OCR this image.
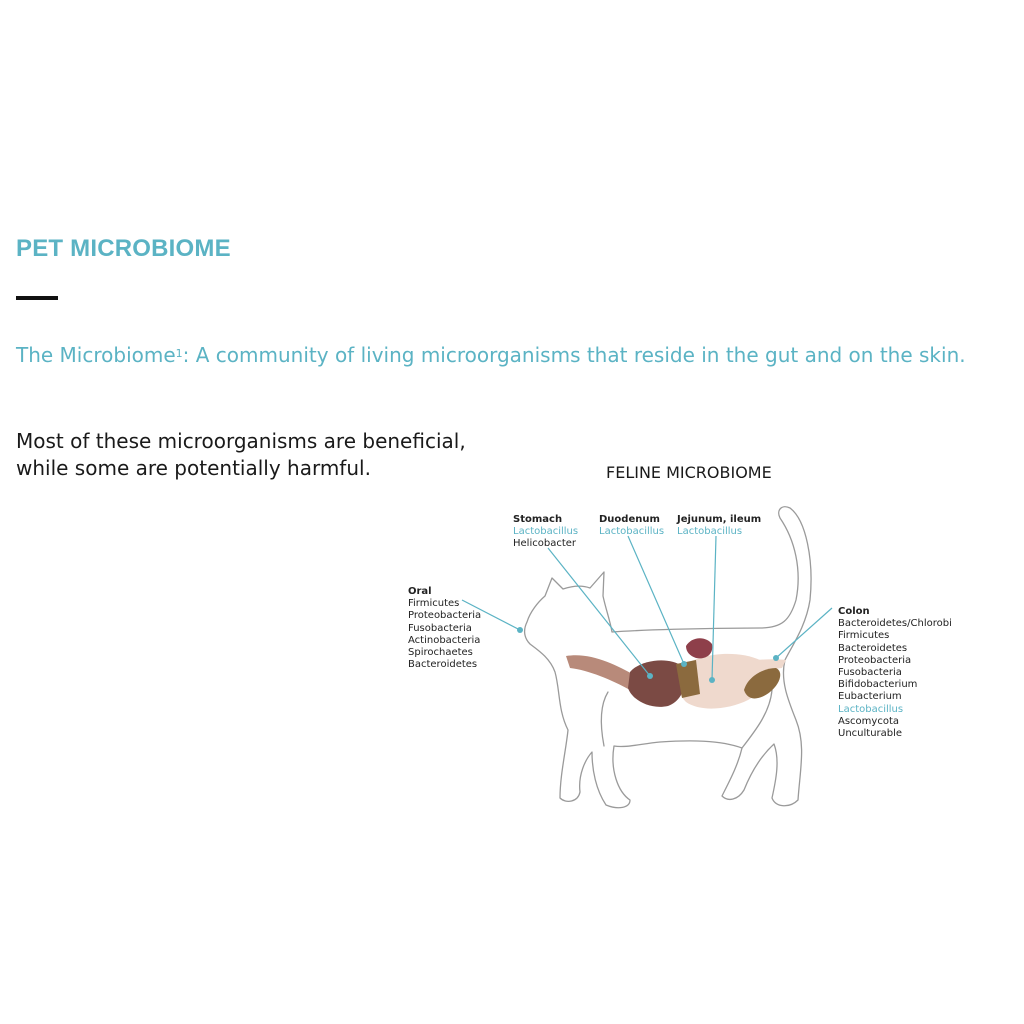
PET MICROBIOME
The Microbiome$^1$: A community of living microorganisms that reside in the gut and on the skin.
Most of these microorganisms are beneficial,
while some are potentially harmful.	FELINE MICROBIOME
Oral
Firmicutes
Proteobacteria
Fusobacteria
Actinobacteria
Spirochaetes
Bacteroidetes
Stomach
Lactobacillus
Helicobacter
Duodenum
Lactobacillus
Jejunum, ileum
Lactobacillus
Colon
Bacteroidetes/Chlorobi
Firmicutes
Bacteroidetes
Proteobacteria
Fusobacteria
Bifidobacterium
Eubacterium
Lactobacillus
Ascomycota
Unculturable
